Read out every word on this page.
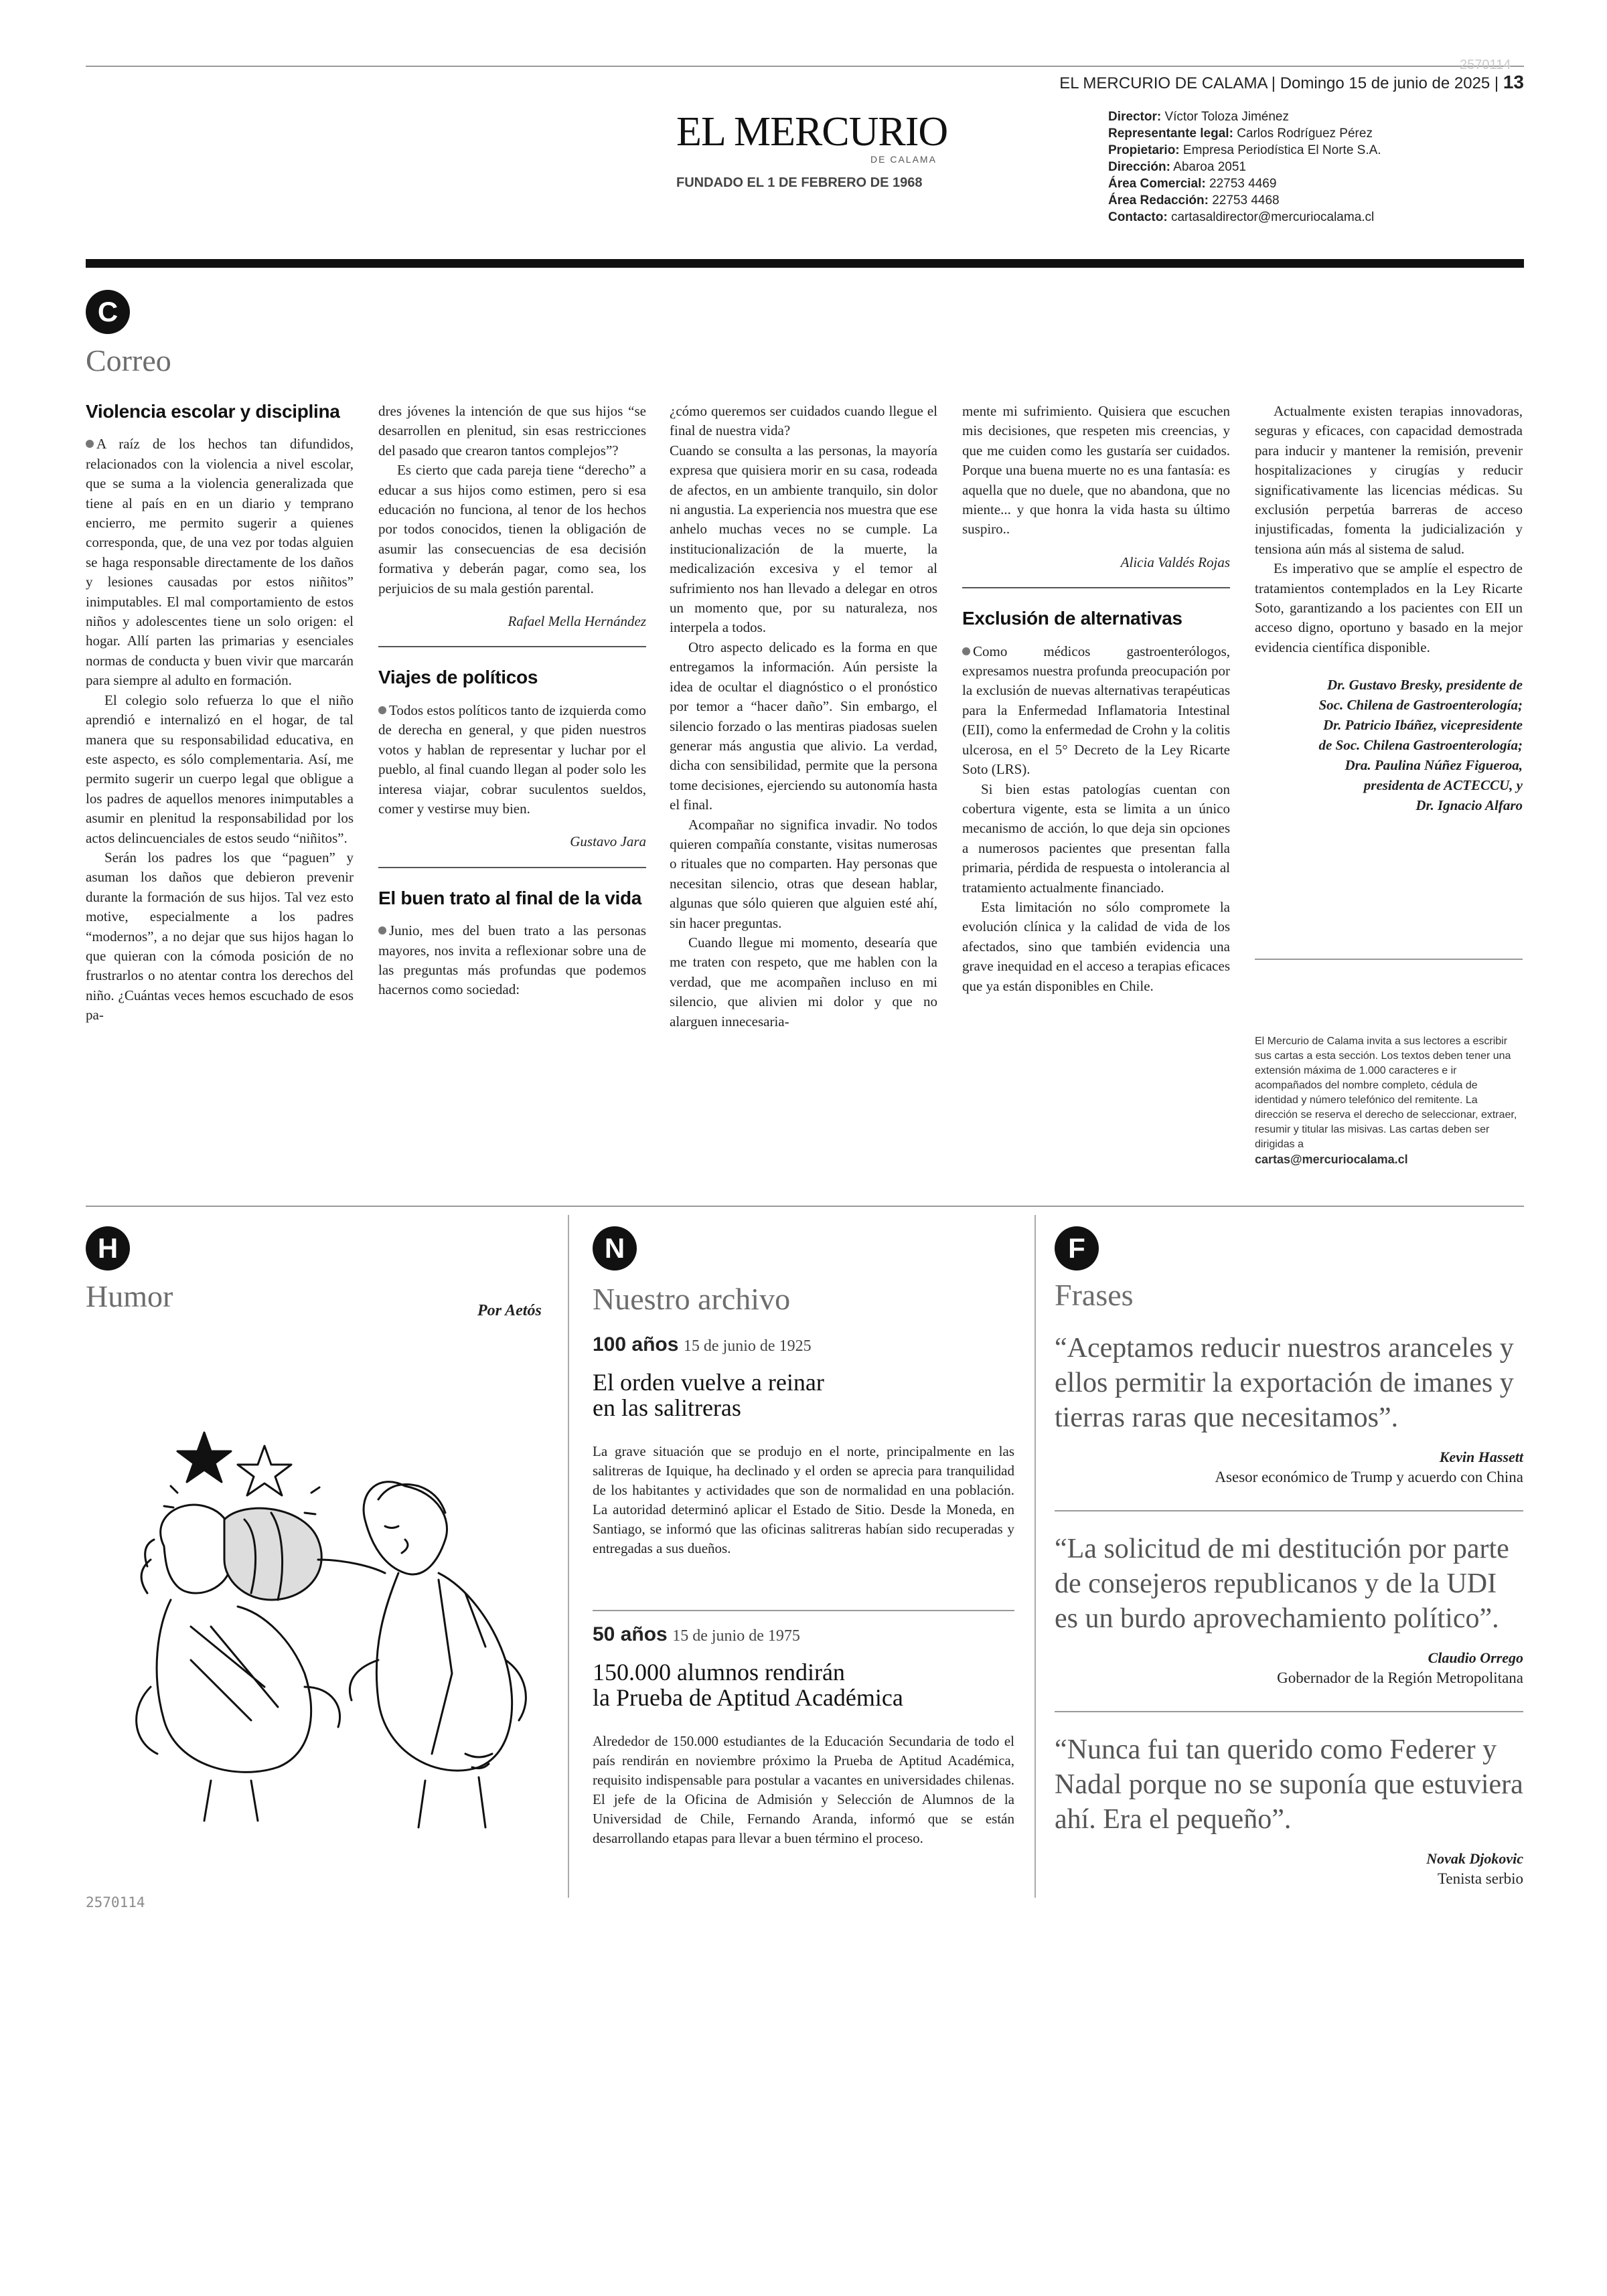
2570114
EL MERCURIO DE CALAMA | Domingo 15 de junio de 2025 | 13
EL MERCURIO
DE CALAMA
FUNDADO EL 1 DE FEBRERO DE 1968
Director: Víctor Toloza Jiménez
Representante legal: Carlos Rodríguez Pérez
Propietario: Empresa Periodística El Norte S.A.
Dirección: Abaroa 2051
Área Comercial: 22753 4469
Área Redacción: 22753 4468
Contacto: cartasaldirector@mercuriocalama.cl
C
Correo
Violencia escolar y disciplina

A raíz de los hechos tan difundidos, relacionados con la violencia a nivel escolar, que se suma a la violencia generalizada que tiene al país en en un diario y temprano encierro, me permito sugerir a quienes corresponda, que, de una vez por todas alguien se haga responsable directamente de los daños y lesiones causadas por estos niñitos” inimputables. El mal comportamiento de estos niños y adolescentes tiene un solo origen: el hogar. Allí parten las primarias y esenciales normas de conducta y buen vivir que marcarán para siempre al adulto en formación.

El colegio solo refuerza lo que el niño aprendió e internalizó en el hogar, de tal manera que su responsabilidad educativa, en este aspecto, es sólo complementaria. Así, me permito sugerir un cuerpo legal que obligue a los padres de aquellos menores inimputables a asumir en plenitud la responsabilidad por los actos delincuenciales de estos seudo “niñitos”.

Serán los padres los que “paguen” y asuman los daños que debieron prevenir durante la formación de sus hijos. Tal vez esto motive, especialmente a los padres “modernos”, a no dejar que sus hijos hagan lo que quieran con la cómoda posición de no frustrarlos o no atentar contra los derechos del niño. ¿Cuántas veces hemos escuchado de esos pa-

dres jóvenes la intención de que sus hijos “se desarrollen en plenitud, sin esas restricciones del pasado que crearon tantos complejos”?

Es cierto que cada pareja tiene “derecho” a educar a sus hijos como estimen, pero si esa educación no funciona, al tenor de los hechos por todos conocidos, tienen la obligación de asumir las consecuencias de esa decisión formativa y deberán pagar, como sea, los perjuicios de su mala gestión parental.

Rafael Mella Hernández

Viajes de políticos

Todos estos políticos tanto de izquierda como de derecha en general, y que piden nuestros votos y hablan de representar y luchar por el pueblo, al final cuando llegan al poder solo les interesa viajar, cobrar suculentos sueldos, comer y vestirse muy bien.

Gustavo Jara

El buen trato al final de la vida

Junio, mes del buen trato a las personas mayores, nos invita a reflexionar sobre una de las preguntas más profundas que podemos hacernos como sociedad:

¿cómo queremos ser cuidados cuando llegue el final de nuestra vida?

Cuando se consulta a las personas, la mayoría expresa que quisiera morir en su casa, rodeada de afectos, en un ambiente tranquilo, sin dolor ni angustia. La experiencia nos muestra que ese anhelo muchas veces no se cumple. La institucionalización de la muerte, la medicalización excesiva y el temor al sufrimiento nos han llevado a delegar en otros un momento que, por su naturaleza, nos interpela a todos.

Otro aspecto delicado es la forma en que entregamos la información. Aún persiste la idea de ocultar el diagnóstico o el pronóstico por temor a “hacer daño”. Sin embargo, el silencio forzado o las mentiras piadosas suelen generar más angustia que alivio. La verdad, dicha con sensibilidad, permite que la persona tome decisiones, ejerciendo su autonomía hasta el final.

Acompañar no significa invadir. No todos quieren compañía constante, visitas numerosas o rituales que no comparten. Hay personas que necesitan silencio, otras que desean hablar, algunas que sólo quieren que alguien esté ahí, sin hacer preguntas.

Cuando llegue mi momento, desearía que me traten con respeto, que me hablen con la verdad, que me acompañen incluso en mi silencio, que alivien mi dolor y que no alarguen innecesaria-

mente mi sufrimiento. Quisiera que escuchen mis decisiones, que respeten mis creencias, y que me cuiden como les gustaría ser cuidados. Porque una buena muerte no es una fantasía: es aquella que no duele, que no abandona, que no miente... y que honra la vida hasta su último suspiro..

Alicia Valdés Rojas

Exclusión de alternativas

Como médicos gastroenterólogos, expresamos nuestra profunda preocupación por la exclusión de nuevas alternativas terapéuticas para la Enfermedad Inflamatoria Intestinal (EII), como la enfermedad de Crohn y la colitis ulcerosa, en el 5° Decreto de la Ley Ricarte Soto (LRS).

Si bien estas patologías cuentan con cobertura vigente, esta se limita a un único mecanismo de acción, lo que deja sin opciones a numerosos pacientes que presentan falla primaria, pérdida de respuesta o intolerancia al tratamiento actualmente financiado.

Esta limitación no sólo compromete la evolución clínica y la calidad de vida de los afectados, sino que también evidencia una grave inequidad en el acceso a terapias eficaces que ya están disponibles en Chile.

Actualmente existen terapias innovadoras, seguras y eficaces, con capacidad demostrada para inducir y mantener la remisión, prevenir hospitalizaciones y cirugías y reducir significativamente las licencias médicas. Su exclusión perpetúa barreras de acceso injustificadas, fomenta la judicialización y tensiona aún más al sistema de salud.

Es imperativo que se amplíe el espectro de tratamientos contemplados en la Ley Ricarte Soto, garantizando a los pacientes con EII un acceso digno, oportuno y basado en la mejor evidencia científica disponible.

Dr. Gustavo Bresky, presidente de
Soc. Chilena de Gastroenterología;
Dr. Patricio Ibáñez, vicepresidente
de Soc. Chilena Gastroenterología;
Dra. Paulina Núñez Figueroa,
presidenta de ACTECCU, y
Dr. Ignacio Alfaro
El Mercurio de Calama invita a sus lectores a escribir sus cartas a esta sección. Los textos deben tener una extensión máxima de 1.000 caracteres e ir acompañados del nombre completo, cédula de identidad y número telefónico del remitente. La dirección se reserva el derecho de seleccionar, extraer, resumir y titular las misivas. Las cartas deben ser dirigidas a
cartas@mercuriocalama.cl
H
Humor	Por Aetós
2570114
N
Nuestro archivo
100 años 15 de junio de 1925
El orden vuelve a reinar
en las salitreras
La grave situación que se produjo en el norte, principalmente en las salitreras de Iquique, ha declinado y el orden se aprecia para tranquilidad de los habitantes y actividades que son de normalidad en una población. La autoridad determinó aplicar el Estado de Sitio. Desde la Moneda, en Santiago, se informó que las oficinas salitreras habían sido recuperadas y entregadas a sus dueños.
50 años 15 de junio de 1975
150.000 alumnos rendirán
la Prueba de Aptitud Académica
Alrededor de 150.000 estudiantes de la Educación Secundaria de todo el país rendirán en noviembre próximo la Prueba de Aptitud Académica, requisito indispensable para postular a vacantes en universidades chilenas. El jefe de la Oficina de Admisión y Selección de Alumnos de la Universidad de Chile, Fernando Aranda, informó que se están desarrollando etapas para llevar a buen término el proceso.
F
Frases

“Aceptamos reducir nuestros aranceles y ellos permitir la exportación de imanes y tierras raras que necesitamos”.

Kevin Hassett
Asesor económico de Trump y acuerdo con China

“La solicitud de mi destitución por parte de consejeros republicanos y de la UDI es un burdo aprovechamiento político”.

Claudio Orrego
Gobernador de la Región Metropolitana

“Nunca fui tan querido como Federer y Nadal porque no se suponía que estuviera ahí. Era el pequeño”.

Novak Djokovic
Tenista serbio
